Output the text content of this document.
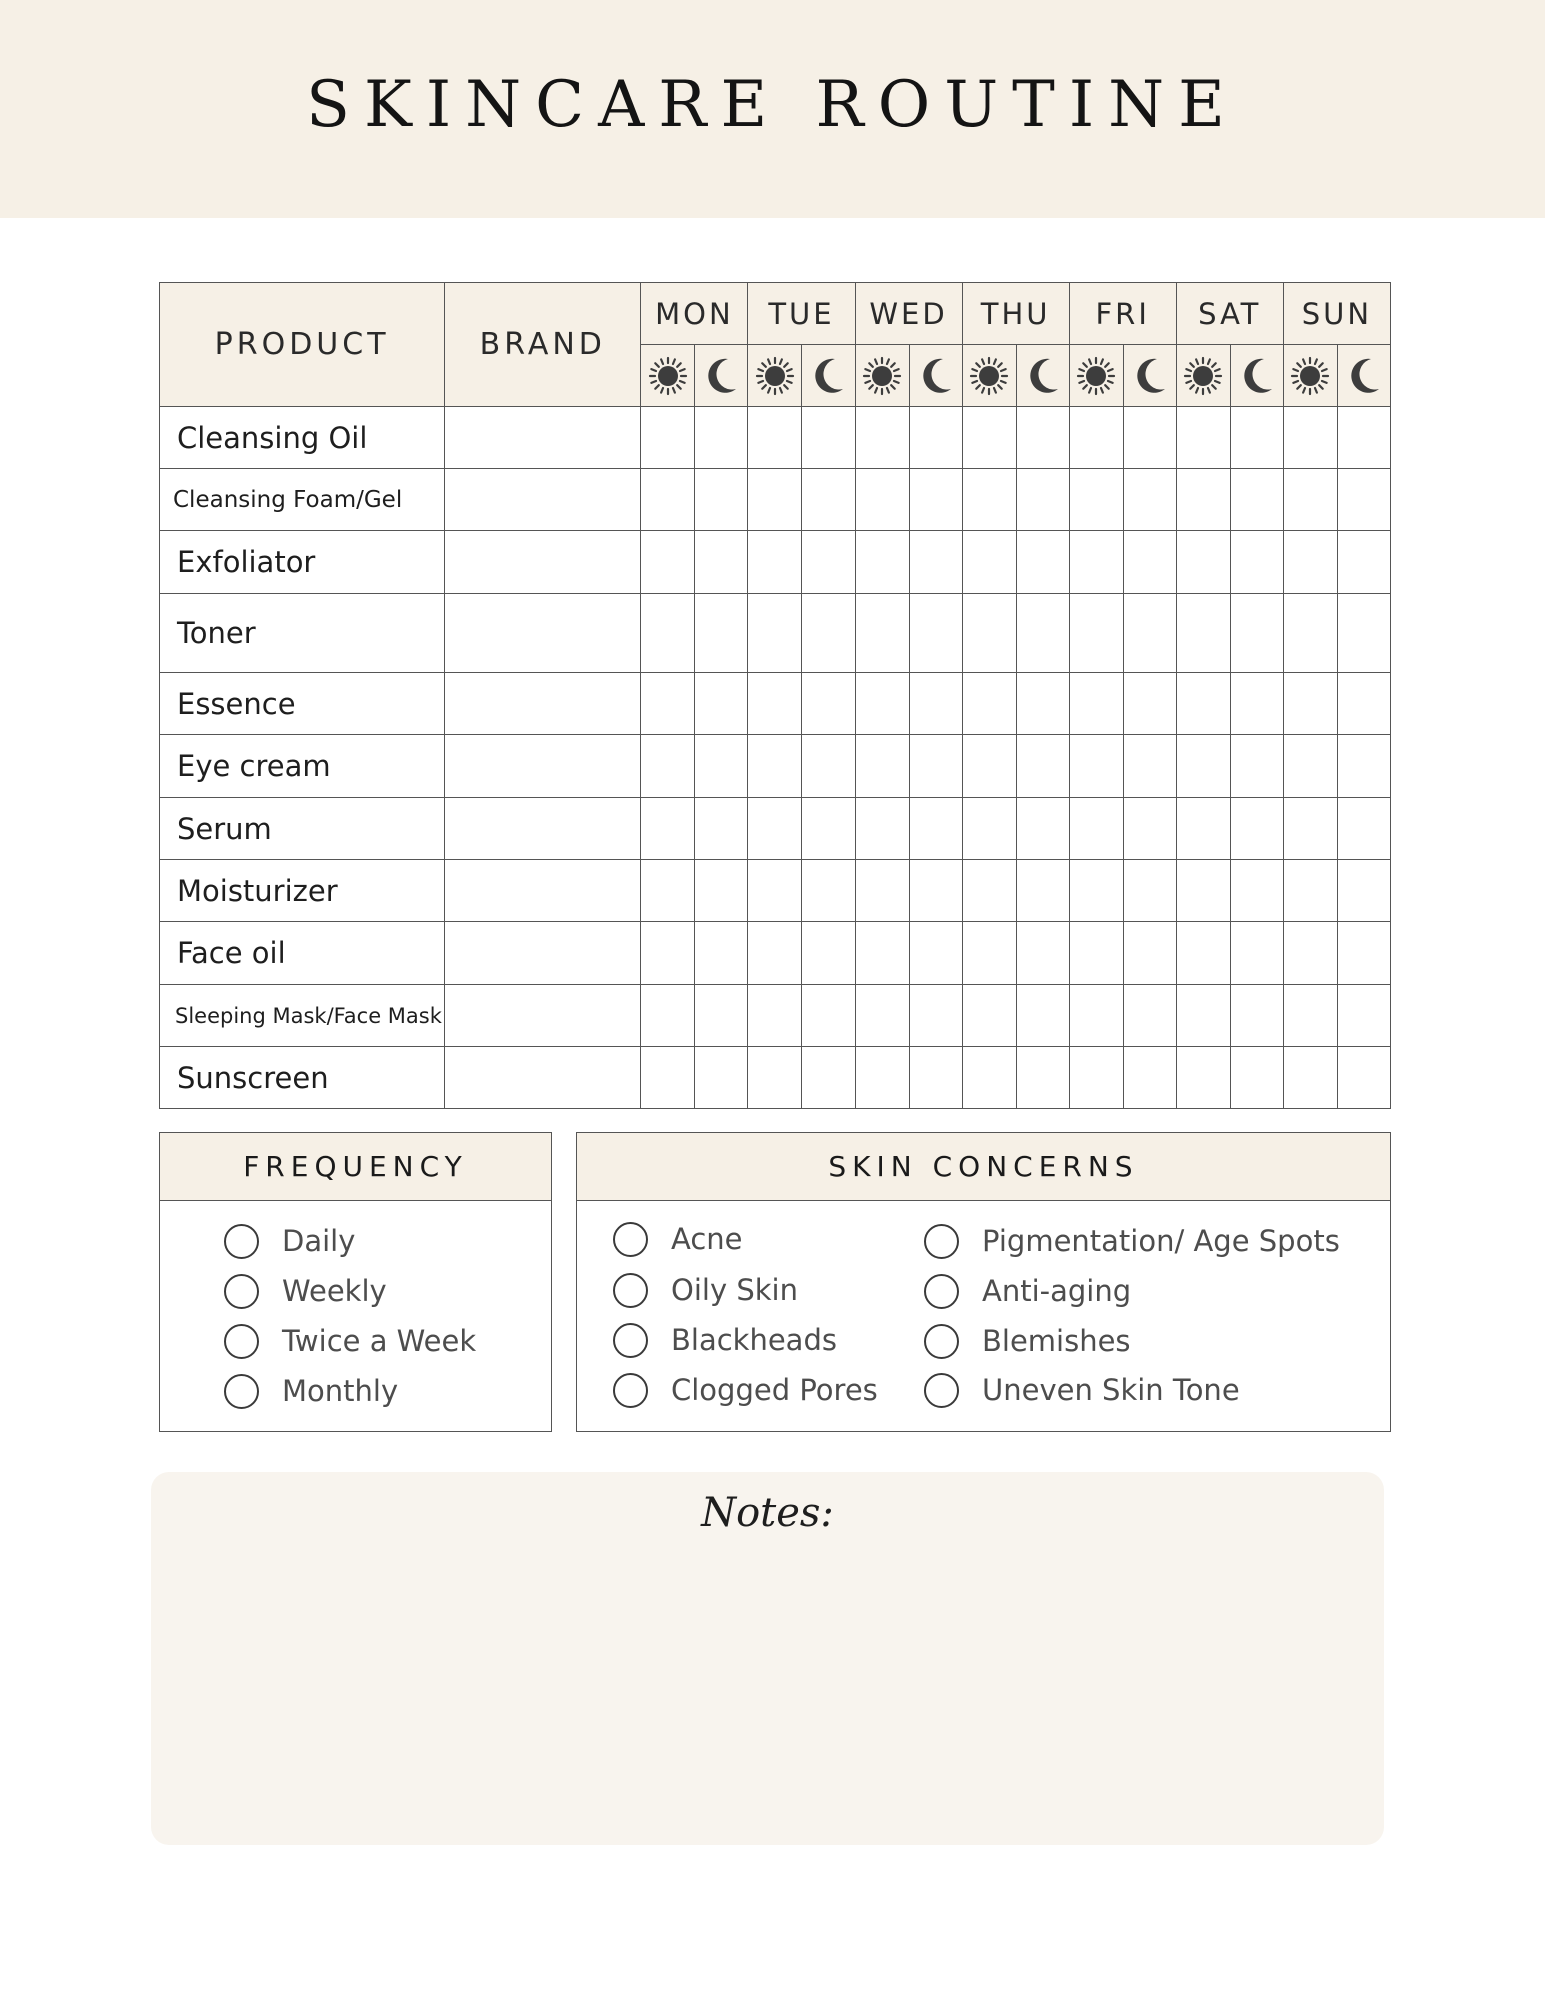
SKINCARE ROUTINE
PRODUCT	BRAND	MON		TUE		WED		THU		FRI		SAT		SUN	

Cleansing Oil															
Cleansing Foam/Gel															
Exfoliator															
Toner															
Essence															
Eye cream															
Serum															
Moisturizer															
Face oil															
Sleeping Mask/Face Mask															
Sunscreen															
FREQUENCY
Daily
Weekly
Twice a Week
Monthly
SKIN CONCERNS
Acne
Oily Skin
Blackheads
Clogged Pores
Pigmentation/ Age Spots
Anti-aging
Blemishes
Uneven Skin Tone
Notes:
